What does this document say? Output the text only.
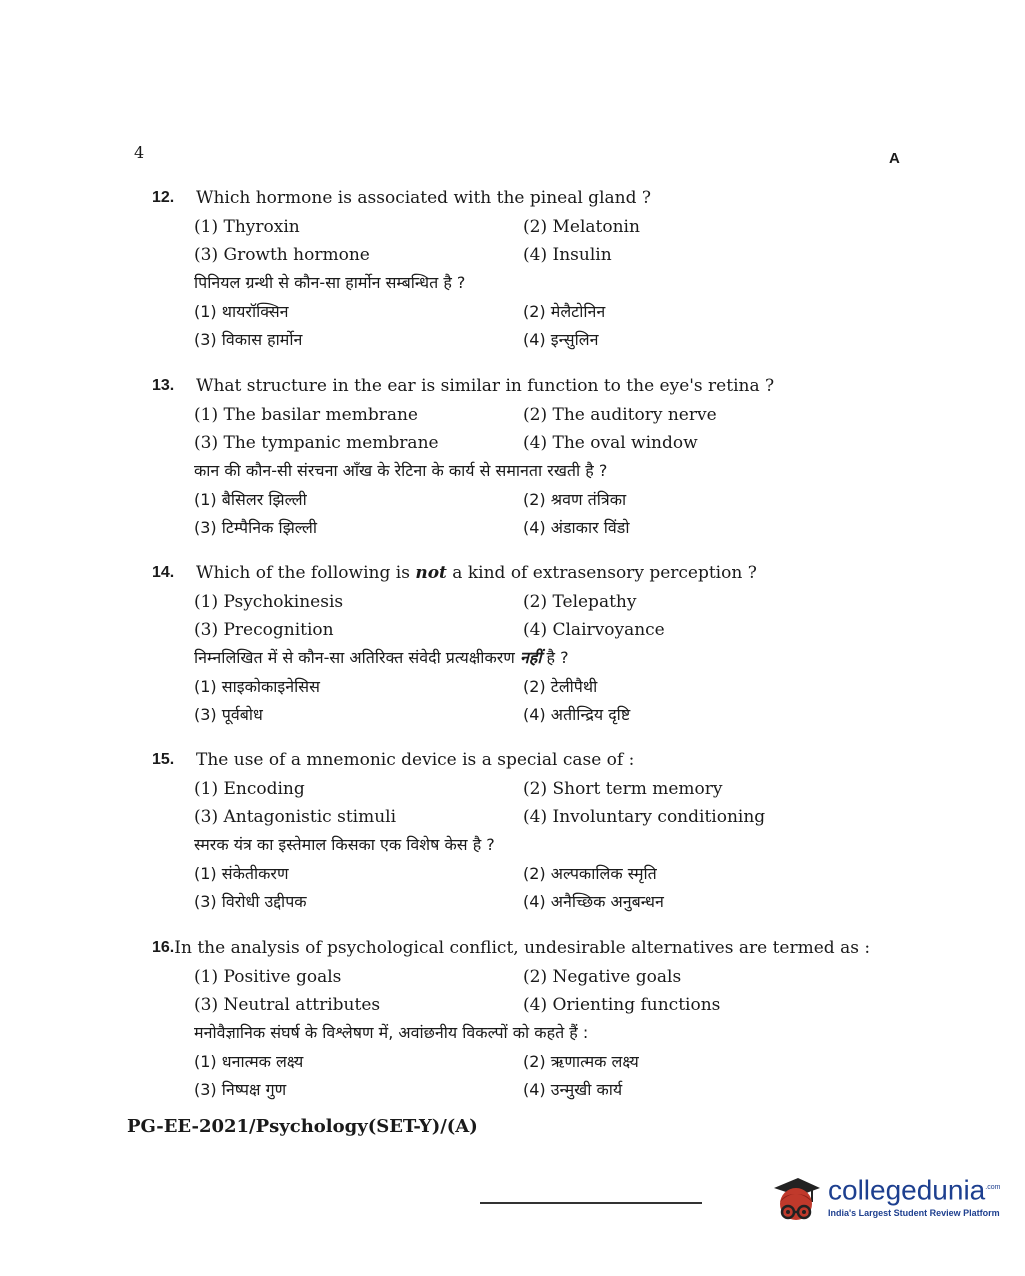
4	A
12.	Which hormone is associated with the pineal gland ?
(1) Thyroxin	(2) Melatonin
(3) Growth hormone	(4) Insulin
पिनियल ग्रन्थी से कौन-सा हार्मोन सम्बन्धित है ?
(1) थायरॉक्सिन	(2) मेलैटोनिन
(3) विकास हार्मोन	(4) इन्सुलिन
13.	What structure in the ear is similar in function to the eye's retina ?
(1) The basilar membrane	(2) The auditory nerve
(3) The tympanic membrane	(4) The oval window
कान की कौन-सी संरचना आँख के रेटिना के कार्य से समानता रखती है ?
(1) बैसिलर झिल्ली	(2) श्रवण तंत्रिका
(3) टिम्पैनिक झिल्ली	(4) अंडाकार विंडो
14.	Which of the following is not a kind of extrasensory perception ?
(1) Psychokinesis	(2) Telepathy
(3) Precognition	(4) Clairvoyance
निम्नलिखित में से कौन-सा अतिरिक्त संवेदी प्रत्यक्षीकरण नहीं है ?
(1) साइकोकाइनेसिस	(2) टेलीपैथी
(3) पूर्वबोध	(4) अतीन्द्रिय दृष्टि
15.	The use of a mnemonic device is a special case of :
(1) Encoding	(2) Short term memory
(3) Antagonistic stimuli	(4) Involuntary conditioning
स्मरक यंत्र का इस्तेमाल किसका एक विशेष केस है ?
(1) संकेतीकरण	(2) अल्पकालिक स्मृति
(3) विरोधी उद्दीपक	(4) अनैच्छिक अनुबन्धन
16. In the analysis of psychological conflict, undesirable alternatives are termed as :
(1) Positive goals	(2) Negative goals
(3) Neutral attributes	(4) Orienting functions
मनोवैज्ञानिक संघर्ष के विश्लेषण में, अवांछनीय विकल्पों को कहते हैं :
(1) धनात्मक लक्ष्य	(2) ऋणात्मक लक्ष्य
(3) निष्पक्ष गुण	(4) उन्मुखी कार्य
PG-EE-2021/Psychology(SET-Y)/(A)
collegedunia$^{.com}$
India's Largest Student Review Platform
